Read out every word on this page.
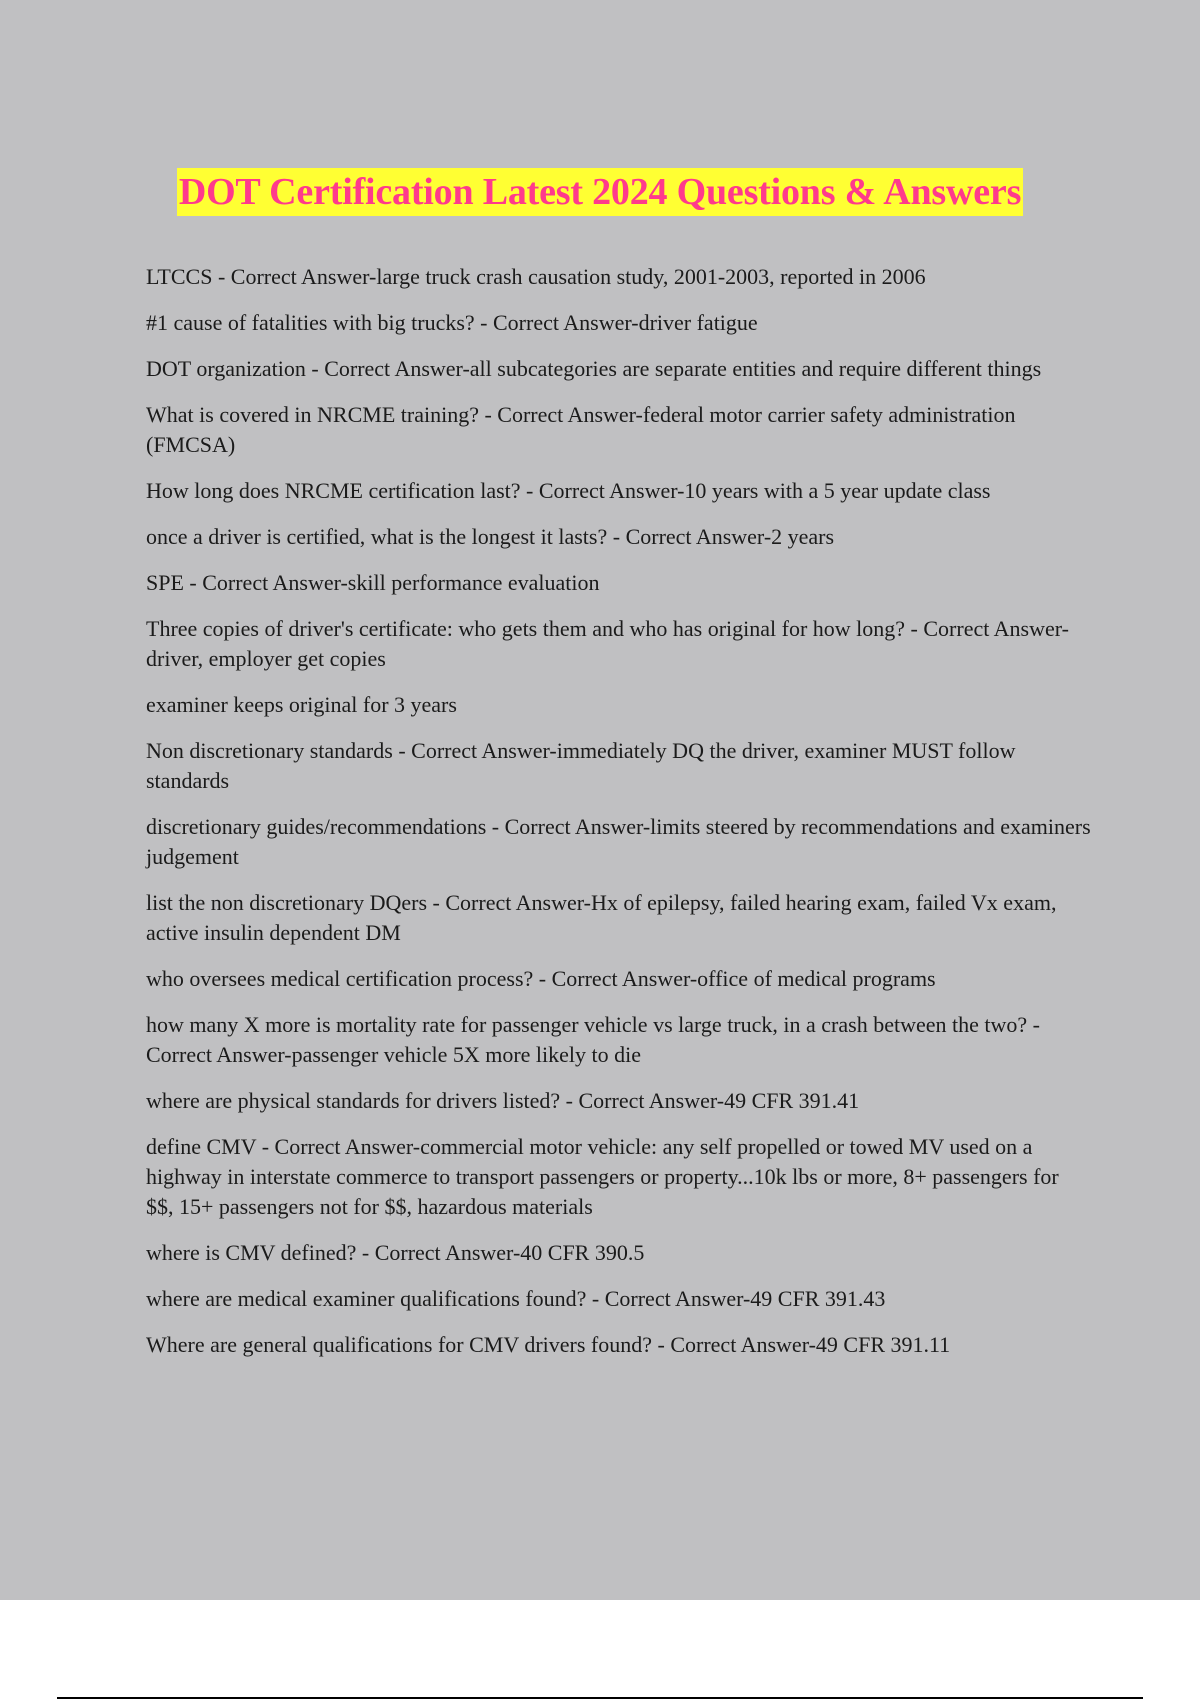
DOT Certification Latest 2024 Questions & Answers
LTCCS - Correct Answer-large truck crash causation study, 2001-2003, reported in 2006
#1 cause of fatalities with big trucks? - Correct Answer-driver fatigue
DOT organization - Correct Answer-all subcategories are separate entities and require different things
What is covered in NRCME training? - Correct Answer-federal motor carrier safety administration (FMCSA)
How long does NRCME certification last? - Correct Answer-10 years with a 5 year update class
once a driver is certified, what is the longest it lasts? - Correct Answer-2 years
SPE - Correct Answer-skill performance evaluation
Three copies of driver's certificate: who gets them and who has original for how long? - Correct Answer-driver, employer get copies
examiner keeps original for 3 years
Non discretionary standards - Correct Answer-immediately DQ the driver, examiner MUST follow standards
discretionary guides/recommendations - Correct Answer-limits steered by recommendations and examiners judgement
list the non discretionary DQers - Correct Answer-Hx of epilepsy, failed hearing exam, failed Vx exam, active insulin dependent DM
who oversees medical certification process? - Correct Answer-office of medical programs
how many X more is mortality rate for passenger vehicle vs large truck, in a crash between the two? - Correct Answer-passenger vehicle 5X more likely to die
where are physical standards for drivers listed? - Correct Answer-49 CFR 391.41
define CMV - Correct Answer-commercial motor vehicle: any self propelled or towed MV used on a highway in interstate commerce to transport passengers or property...10k lbs or more, 8+ passengers for $$, 15+ passengers not for $$, hazardous materials
where is CMV defined? - Correct Answer-40 CFR 390.5
where are medical examiner qualifications found? - Correct Answer-49 CFR 391.43
Where are general qualifications for CMV drivers found? - Correct Answer-49 CFR 391.11
